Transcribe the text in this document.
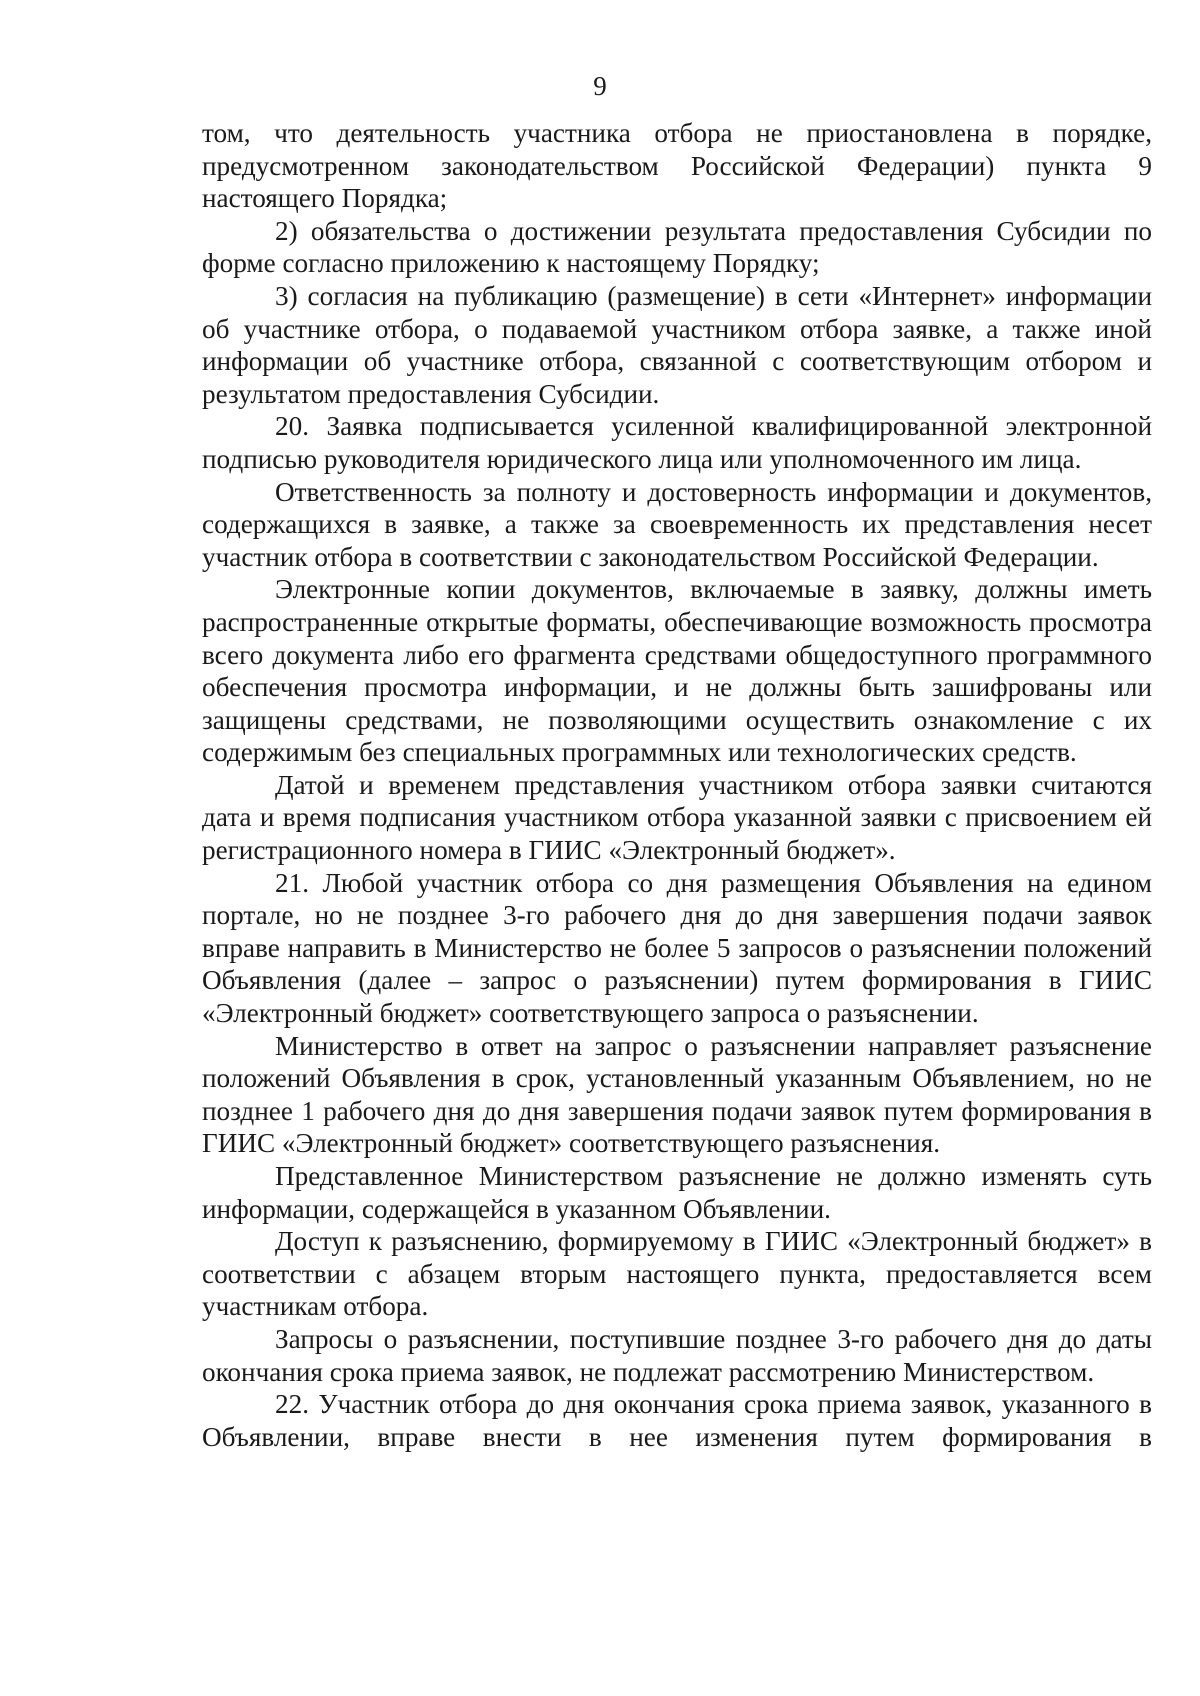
9

том, что деятельность участника отбора не приостановлена в порядке, предусмотренном законодательством Российской Федерации) пункта 9 настоящего Порядка;

2) обязательства о достижении результата предоставления Субсидии по форме согласно приложению к настоящему Порядку;

3) согласия на публикацию (размещение) в сети «Интернет» информации об участнике отбора, о подаваемой участником отбора заявке, а также иной информации об участнике отбора, связанной с соответствующим отбором и результатом предоставления Субсидии.

20. Заявка подписывается усиленной квалифицированной электронной подписью руководителя юридического лица или уполномоченного им лица.

Ответственность за полноту и достоверность информации и документов, содержащихся в заявке, а также за своевременность их представления несет участник отбора в соответствии с законодательством Российской Федерации.

Электронные копии документов, включаемые в заявку, должны иметь распространенные открытые форматы, обеспечивающие возможность просмотра всего документа либо его фрагмента средствами общедоступного программного обеспечения просмотра информации, и не должны быть зашифрованы или защищены средствами, не позволяющими осуществить ознакомление с их содержимым без специальных программных или технологических средств.

Датой и временем представления участником отбора заявки считаются дата и время подписания участником отбора указанной заявки с присвоением ей регистрационного номера в ГИИС «Электронный бюджет».

21. Любой участник отбора со дня размещения Объявления на едином портале, но не позднее 3-го рабочего дня до дня завершения подачи заявок вправе направить в Министерство не более 5 запросов о разъяснении положений Объявления (далее – запрос о разъяснении) путем формирования в ГИИС «Электронный бюджет» соответствующего запроса о разъяснении.

Министерство в ответ на запрос о разъяснении направляет разъяснение положений Объявления в срок, установленный указанным Объявлением, но не позднее 1 рабочего дня до дня завершения подачи заявок путем формирования в ГИИС «Электронный бюджет» соответствующего разъяснения.

Представленное Министерством разъяснение не должно изменять суть информации, содержащейся в указанном Объявлении.

Доступ к разъяснению, формируемому в ГИИС «Электронный бюджет» в соответствии с абзацем вторым настоящего пункта, предоставляется всем участникам отбора.

Запросы о разъяснении, поступившие позднее 3-го рабочего дня до даты окончания срока приема заявок, не подлежат рассмотрению Министерством.

22. Участник отбора до дня окончания срока приема заявок, указанного в Объявлении, вправе внести в нее изменения путем формирования в
